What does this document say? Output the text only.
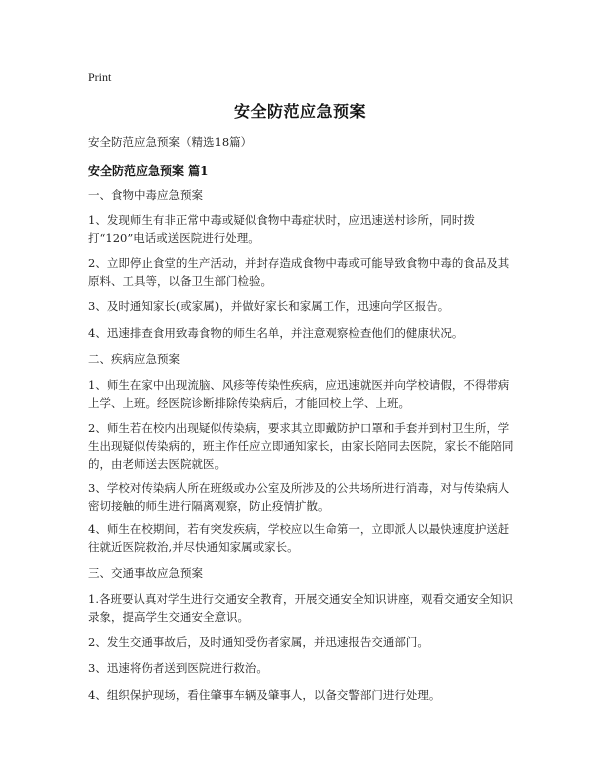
Print
安全防范应急预案
安全防范应急预案（精选18篇）
安全防范应急预案 篇1
一、食物中毒应急预案
1、发现师生有非正常中毒或疑似食物中毒症状时，应迅速送村诊所，同时拨打“120”电话或送医院进行处理。
2、立即停止食堂的生产活动，并封存造成食物中毒或可能导致食物中毒的食品及其原料、工具等，以备卫生部门检验。
3、及时通知家长(或家属)，并做好家长和家属工作，迅速向学区报告。
4、迅速排查食用致毒食物的师生名单，并注意观察检查他们的健康状况。
二、疾病应急预案
1、师生在家中出现流脑、风疹等传染性疾病，应迅速就医并向学校请假，不得带病上学、上班。经医院诊断排除传染病后，才能回校上学、上班。
2、师生若在校内出现疑似传染病，要求其立即戴防护口罩和手套并到村卫生所，学生出现疑似传染病的，班主作任应立即通知家长，由家长陪同去医院，家长不能陪同的，由老师送去医院就医。
3、学校对传染病人所在班级或办公室及所涉及的公共场所进行消毒，对与传染病人密切接触的师生进行隔离观察，防止疫情扩散。
4、师生在校期间，若有突发疾病，学校应以生命第一，立即派人以最快速度护送赶往就近医院救治,并尽快通知家属或家长。
三、交通事故应急预案
1.各班要认真对学生进行交通安全教育，开展交通安全知识讲座，观看交通安全知识录象，提高学生交通安全意识。
2、发生交通事故后，及时通知受伤者家属，并迅速报告交通部门。
3、迅速将伤者送到医院进行救治。
4、组织保护现场，看住肇事车辆及肇事人，以备交警部门进行处理。
